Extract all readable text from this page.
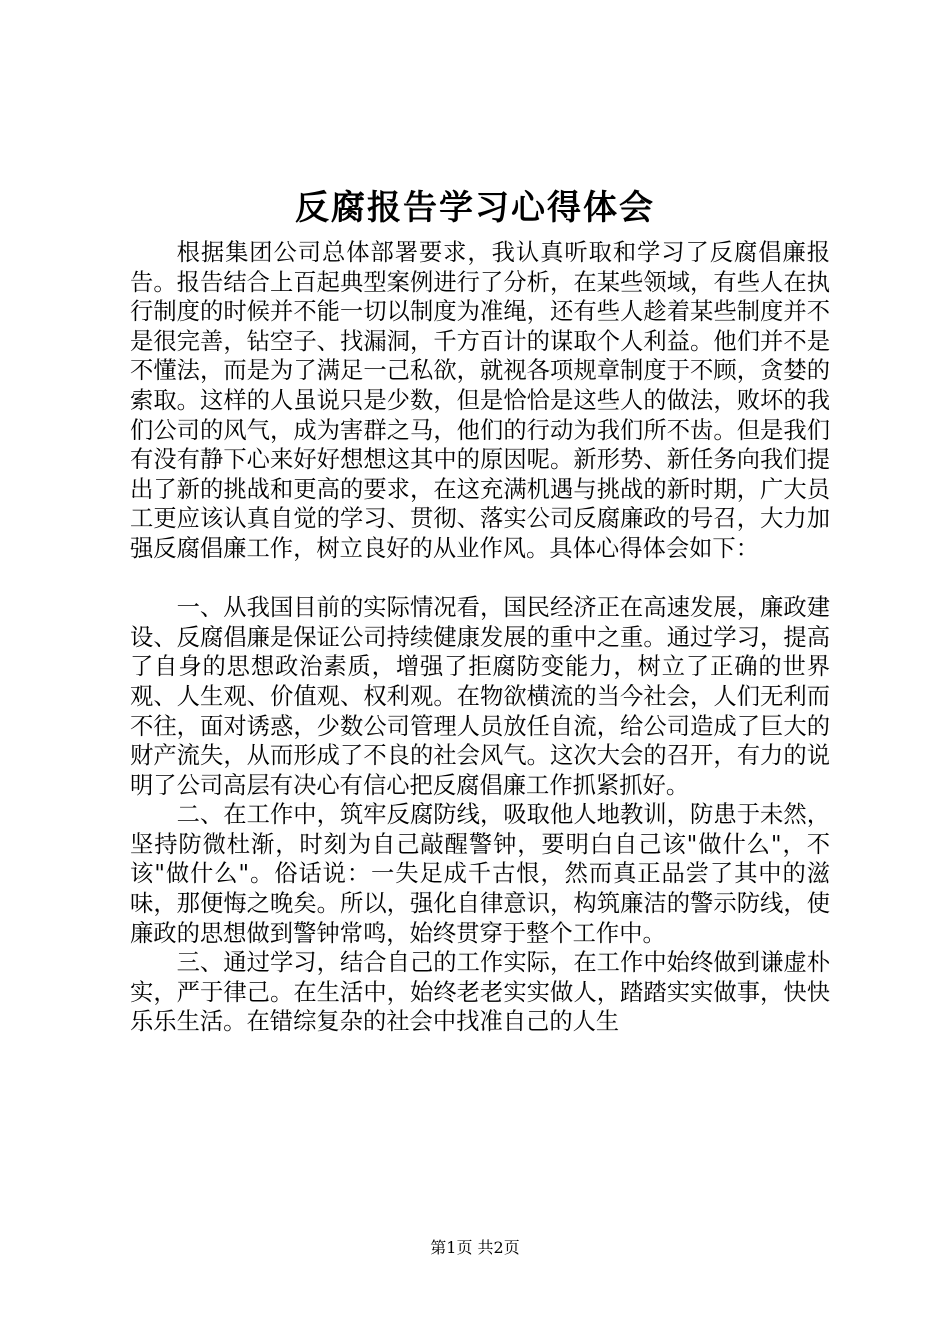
反腐报告学习心得体会

根据集团公司总体部署要求，我认真听取和学习了反腐倡廉报告。报告结合上百起典型案例进行了分析，在某些领域，有些人在执行制度的时候并不能一切以制度为准绳，还有些人趁着某些制度并不是很完善，钻空子、找漏洞，千方百计的谋取个人利益。他们并不是不懂法，而是为了满足一己私欲，就视各项规章制度于不顾，贪婪的索取。这样的人虽说只是少数，但是恰恰是这些人的做法，败坏的我们公司的风气，成为害群之马，他们的行动为我们所不齿。但是我们有没有静下心来好好想想这其中的原因呢。新形势、新任务向我们提出了新的挑战和更高的要求，在这充满机遇与挑战的新时期，广大员工更应该认真自觉的学习、贯彻、落实公司反腐廉政的号召，大力加强反腐倡廉工作，树立良好的从业作风。具体心得体会如下：

一、从我国目前的实际情况看，国民经济正在高速发展，廉政建设、反腐倡廉是保证公司持续健康发展的重中之重。通过学习，提高了自身的思想政治素质，增强了拒腐防变能力，树立了正确的世界观、人生观、价值观、权利观。在物欲横流的当今社会，人们无利而不往，面对诱惑，少数公司管理人员放任自流，给公司造成了巨大的财产流失，从而形成了不良的社会风气。这次大会的召开，有力的说明了公司高层有决心有信心把反腐倡廉工作抓紧抓好。

二、在工作中，筑牢反腐防线，吸取他人地教训，防患于未然，坚持防微杜渐，时刻为自己敲醒警钟，要明白自己该"做什么"，不该"做什么"。俗话说：一失足成千古恨，然而真正品尝了其中的滋味，那便悔之晚矣。所以，强化自律意识，构筑廉洁的警示防线，使廉政的思想做到警钟常鸣，始终贯穿于整个工作中。

三、通过学习，结合自己的工作实际，在工作中始终做到谦虚朴实，严于律己。在生活中，始终老老实实做人，踏踏实实做事，快快乐乐生活。在错综复杂的社会中找准自己的人生

第1页 共2页
